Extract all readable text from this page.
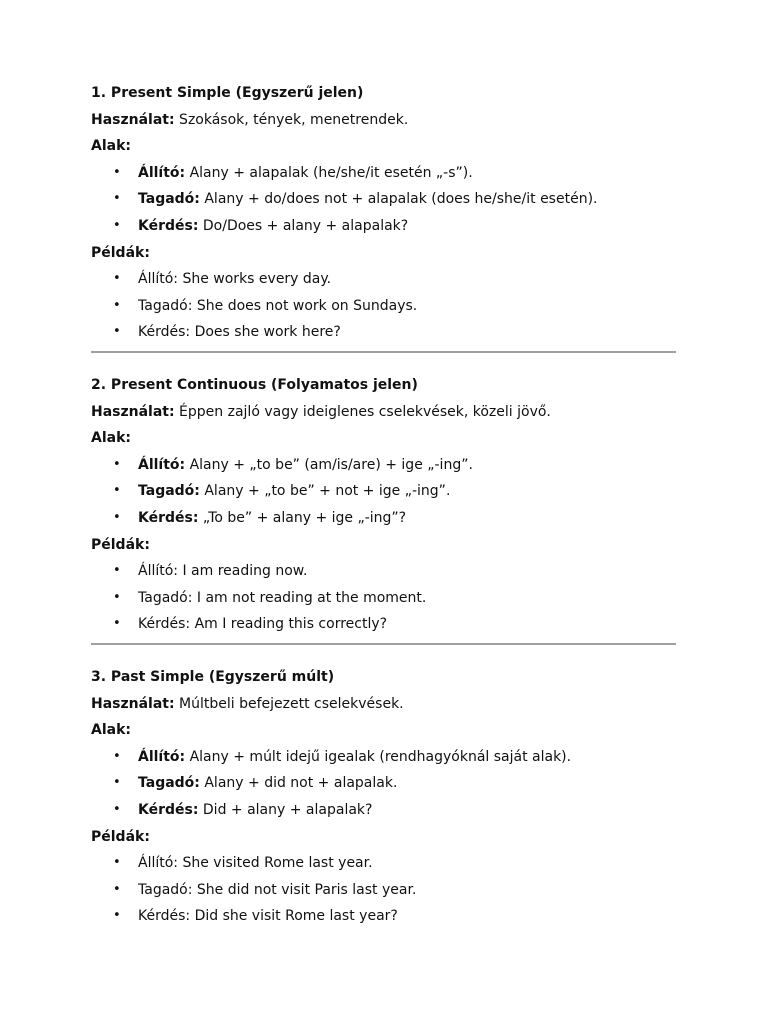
1. Present Simple (Egyszerű jelen)
Használat: Szokások, tények, menetrendek.
Alak:
• Állító: Alany + alapalak (he/she/it esetén „-s”).
• Tagadó: Alany + do/does not + alapalak (does he/she/it esetén).
• Kérdés: Do/Does + alany + alapalak?
Példák:
• Állító: She works every day.
• Tagadó: She does not work on Sundays.
• Kérdés: Does she work here?
2. Present Continuous (Folyamatos jelen)
Használat: Éppen zajló vagy ideiglenes cselekvések, közeli jövő.
Alak:
• Állító: Alany + „to be” (am/is/are) + ige „-ing”.
• Tagadó: Alany + „to be” + not + ige „-ing”.
• Kérdés: „To be” + alany + ige „-ing”?
Példák:
• Állító: I am reading now.
• Tagadó: I am not reading at the moment.
• Kérdés: Am I reading this correctly?
3. Past Simple (Egyszerű múlt)
Használat: Múltbeli befejezett cselekvések.
Alak:
• Állító: Alany + múlt idejű igealak (rendhagyóknál saját alak).
• Tagadó: Alany + did not + alapalak.
• Kérdés: Did + alany + alapalak?
Példák:
• Állító: She visited Rome last year.
• Tagadó: She did not visit Paris last year.
• Kérdés: Did she visit Rome last year?
